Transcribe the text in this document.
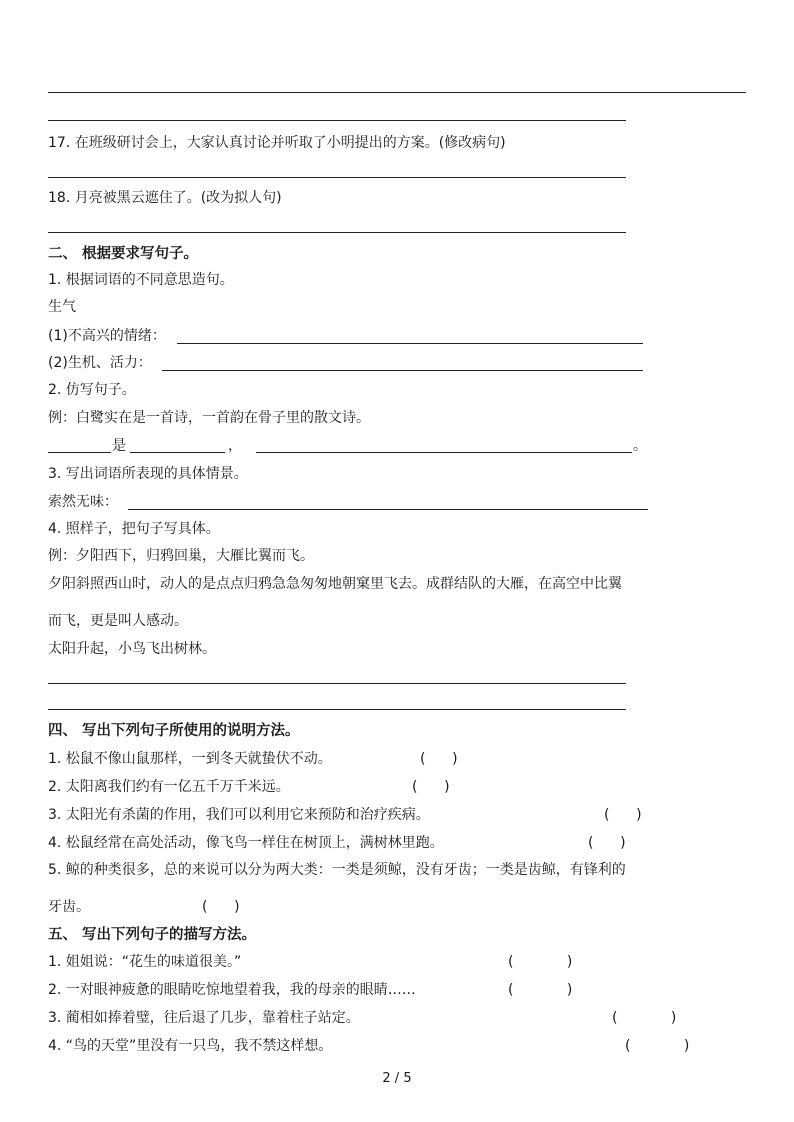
17. 在班级研讨会上，大家认真讨论并听取了小明提出的方案。(修改病句)
18. 月亮被黑云遮住了。(改为拟人句)
二、 根据要求写句子。
1. 根据词语的不同意思造句。
生气
(1)不高兴的情绪：
(2)生机、活力：
2. 仿写句子。
例：白鹭实在是一首诗，一首韵在骨子里的散文诗。
是	，	。
3. 写出词语所表现的具体情景。
索然无味：
4. 照样子，把句子写具体。
例：夕阳西下，归鸦回巢，大雁比翼而飞。
夕阳斜照西山时，动人的是点点归鸦急急匆匆地朝窠里飞去。成群结队的大雁，在高空中比翼
而飞，更是叫人感动。
太阳升起，小鸟飞出树林。
四、 写出下列句子所使用的说明方法。
1. 松鼠不像山鼠那样，一到冬天就蛰伏不动。	(      )
2. 太阳离我们约有一亿五千万千米远。	(      )
3. 太阳光有杀菌的作用，我们可以利用它来预防和治疗疾病。	(      )
4. 松鼠经常在高处活动，像飞鸟一样住在树顶上，满树林里跑。	(      )
5. 鲸的种类很多，总的来说可以分为两大类：一类是须鲸，没有牙齿；一类是齿鲸，有锋利的
牙齿。	(      )
五、 写出下列句子的描写方法。
1. 姐姐说：“花生的味道很美。”	(            )
2. 一对眼神疲惫的眼睛吃惊地望着我，我的母亲的眼睛……	(            )
3. 蔺相如捧着璧，往后退了几步，靠着柱子站定。	(            )
4. “鸟的天堂”里没有一只鸟，我不禁这样想。	(            )
2 / 5
